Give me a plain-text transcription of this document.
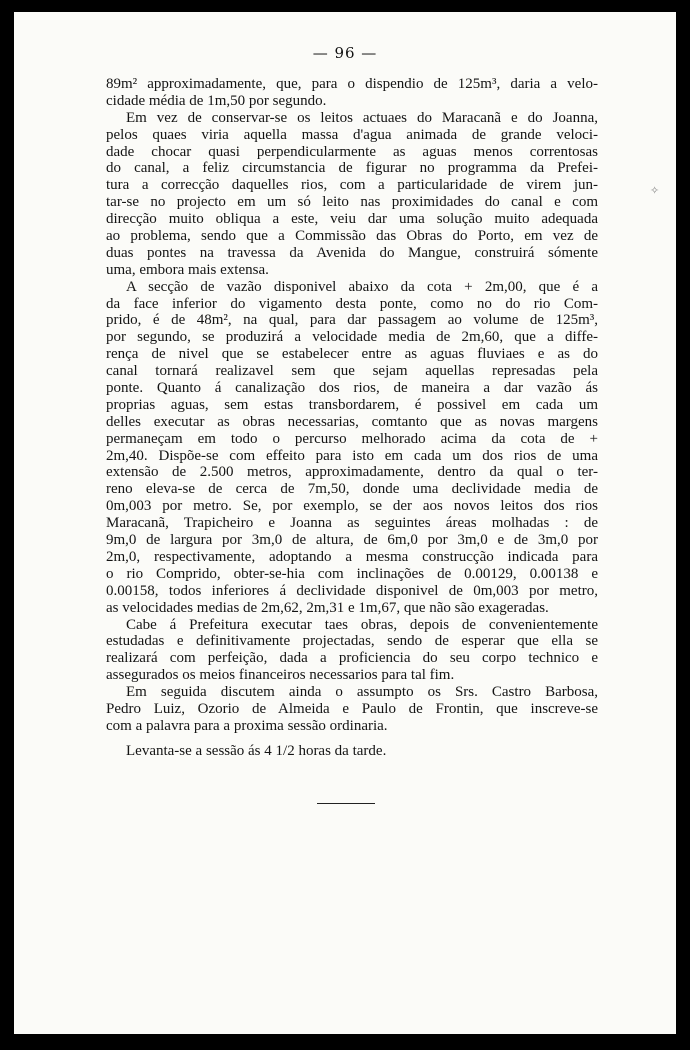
— 96 —
89m² approximadamente, que, para o dispendio de 125m³, daria a velo-
cidade média de 1m,50 por segundo.
Em vez de conservar-se os leitos actuaes do Maracanã e do Joanna,
pelos quaes viria aquella massa d'agua animada de grande veloci-
dade chocar quasi perpendicularmente as aguas menos correntosas
do canal, a feliz circumstancia de figurar no programma da Prefei-
tura a correcção daquelles rios, com a particularidade de virem jun-
tar-se no projecto em um só leito nas proximidades do canal e com
direcção muito obliqua a este, veiu dar uma solução muito adequada
ao problema, sendo que a Commissão das Obras do Porto, em vez de
duas pontes na travessa da Avenida do Mangue, construirá sómente
uma, embora mais extensa.
A secção de vazão disponivel abaixo da cota + 2m,00, que é a
da face inferior do vigamento desta ponte, como no do rio Com-
prido, é de 48m², na qual, para dar passagem ao volume de 125m³,
por segundo, se produzirá a velocidade media de 2m,60, que a diffe-
rença de nivel que se estabelecer entre as aguas fluviaes e as do
canal tornará realizavel sem que sejam aquellas represadas pela
ponte. Quanto á canalização dos rios, de maneira a dar vazão ás
proprias aguas, sem estas transbordarem, é possivel em cada um
delles executar as obras necessarias, comtanto que as novas margens
permaneçam em todo o percurso melhorado acima da cota de +
2m,40. Dispõe-se com effeito para isto em cada um dos rios de uma
extensão de 2.500 metros, approximadamente, dentro da qual o ter-
reno eleva-se de cerca de 7m,50, donde uma declividade media de
0m,003 por metro. Se, por exemplo, se der aos novos leitos dos rios
Maracanã, Trapicheiro e Joanna as seguintes áreas molhadas : de
9m,0 de largura por 3m,0 de altura, de 6m,0 por 3m,0 e de 3m,0 por
2m,0, respectivamente, adoptando a mesma construcção indicada para
o rio Comprido, obter-se-hia com inclinações de 0.00129, 0.00138 e
0.00158, todos inferiores á declividade disponivel de 0m,003 por metro,
as velocidades medias de 2m,62, 2m,31 e 1m,67, que não são exageradas.
Cabe á Prefeitura executar taes obras, depois de convenientemente
estudadas e definitivamente projectadas, sendo de esperar que ella se
realizará com perfeição, dada a proficiencia do seu corpo technico e
assegurados os meios financeiros necessarios para tal fim.
Em seguida discutem ainda o assumpto os Srs. Castro Barbosa,
Pedro Luiz, Ozorio de Almeida e Paulo de Frontin, que inscreve-se
com a palavra para a proxima sessão ordinaria.
Levanta-se a sessão ás 4 1/2 horas da tarde.
✧
